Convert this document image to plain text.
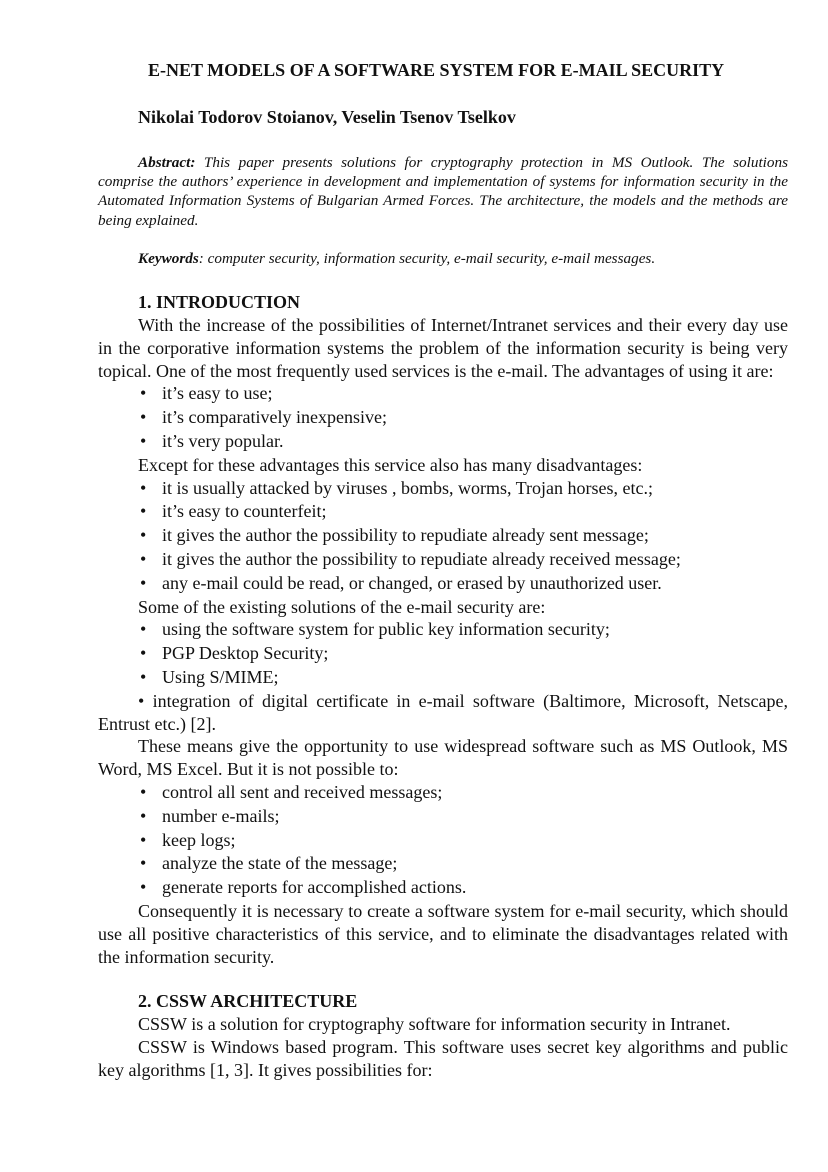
E-NET MODELS OF A SOFTWARE SYSTEM FOR E-MAIL SECURITY

Nikolai Todorov Stoianov, Veselin Tsenov Tselkov

Abstract: This paper presents solutions for cryptography protection in MS Outlook. The solutions comprise the authors’ experience in development and implementation of systems for information security in the Automated Information Systems of Bulgarian Armed Forces. The architecture, the models and the methods are being explained.

Keywords: computer security, information security, e-mail security, e-mail messages.

1. INTRODUCTION

With the increase of the possibilities of Internet/Intranet services and their every day use in the corporative information systems the problem of the information security is being very topical. One of the most frequently used services is the e-mail. The advantages of using it are:

• it’s easy to use;
• it’s comparatively inexpensive;
• it’s very popular.

Except for these advantages this service also has many disadvantages:

• it is usually attacked by viruses , bombs, worms, Trojan horses, etc.;
• it’s easy to counterfeit;
• it gives the author the possibility to repudiate already sent message;
• it gives the author the possibility to repudiate already received message;
• any e-mail could be read, or changed, or erased by unauthorized user.

Some of the existing solutions of the e-mail security are:

• using the software system for public key information security;
• PGP Desktop Security;
• Using S/MIME;

• integration of digital certificate in e-mail software (Baltimore, Microsoft, Netscape, Entrust etc.) [2].

These means give the opportunity to use widespread software such as MS Outlook, MS Word, MS Excel. But it is not possible to:

• control all sent and received messages;
• number e-mails;
• keep logs;
• analyze the state of the message;
• generate reports for accomplished actions.

Consequently it is necessary to create a software system for e-mail security, which should use all positive characteristics of this service, and to eliminate the disadvantages related with the information security.

2. CSSW ARCHITECTURE

CSSW is a solution for cryptography software for information security in Intranet.

CSSW is Windows based program. This software uses secret key algorithms and public key algorithms [1, 3]. It gives possibilities for:
